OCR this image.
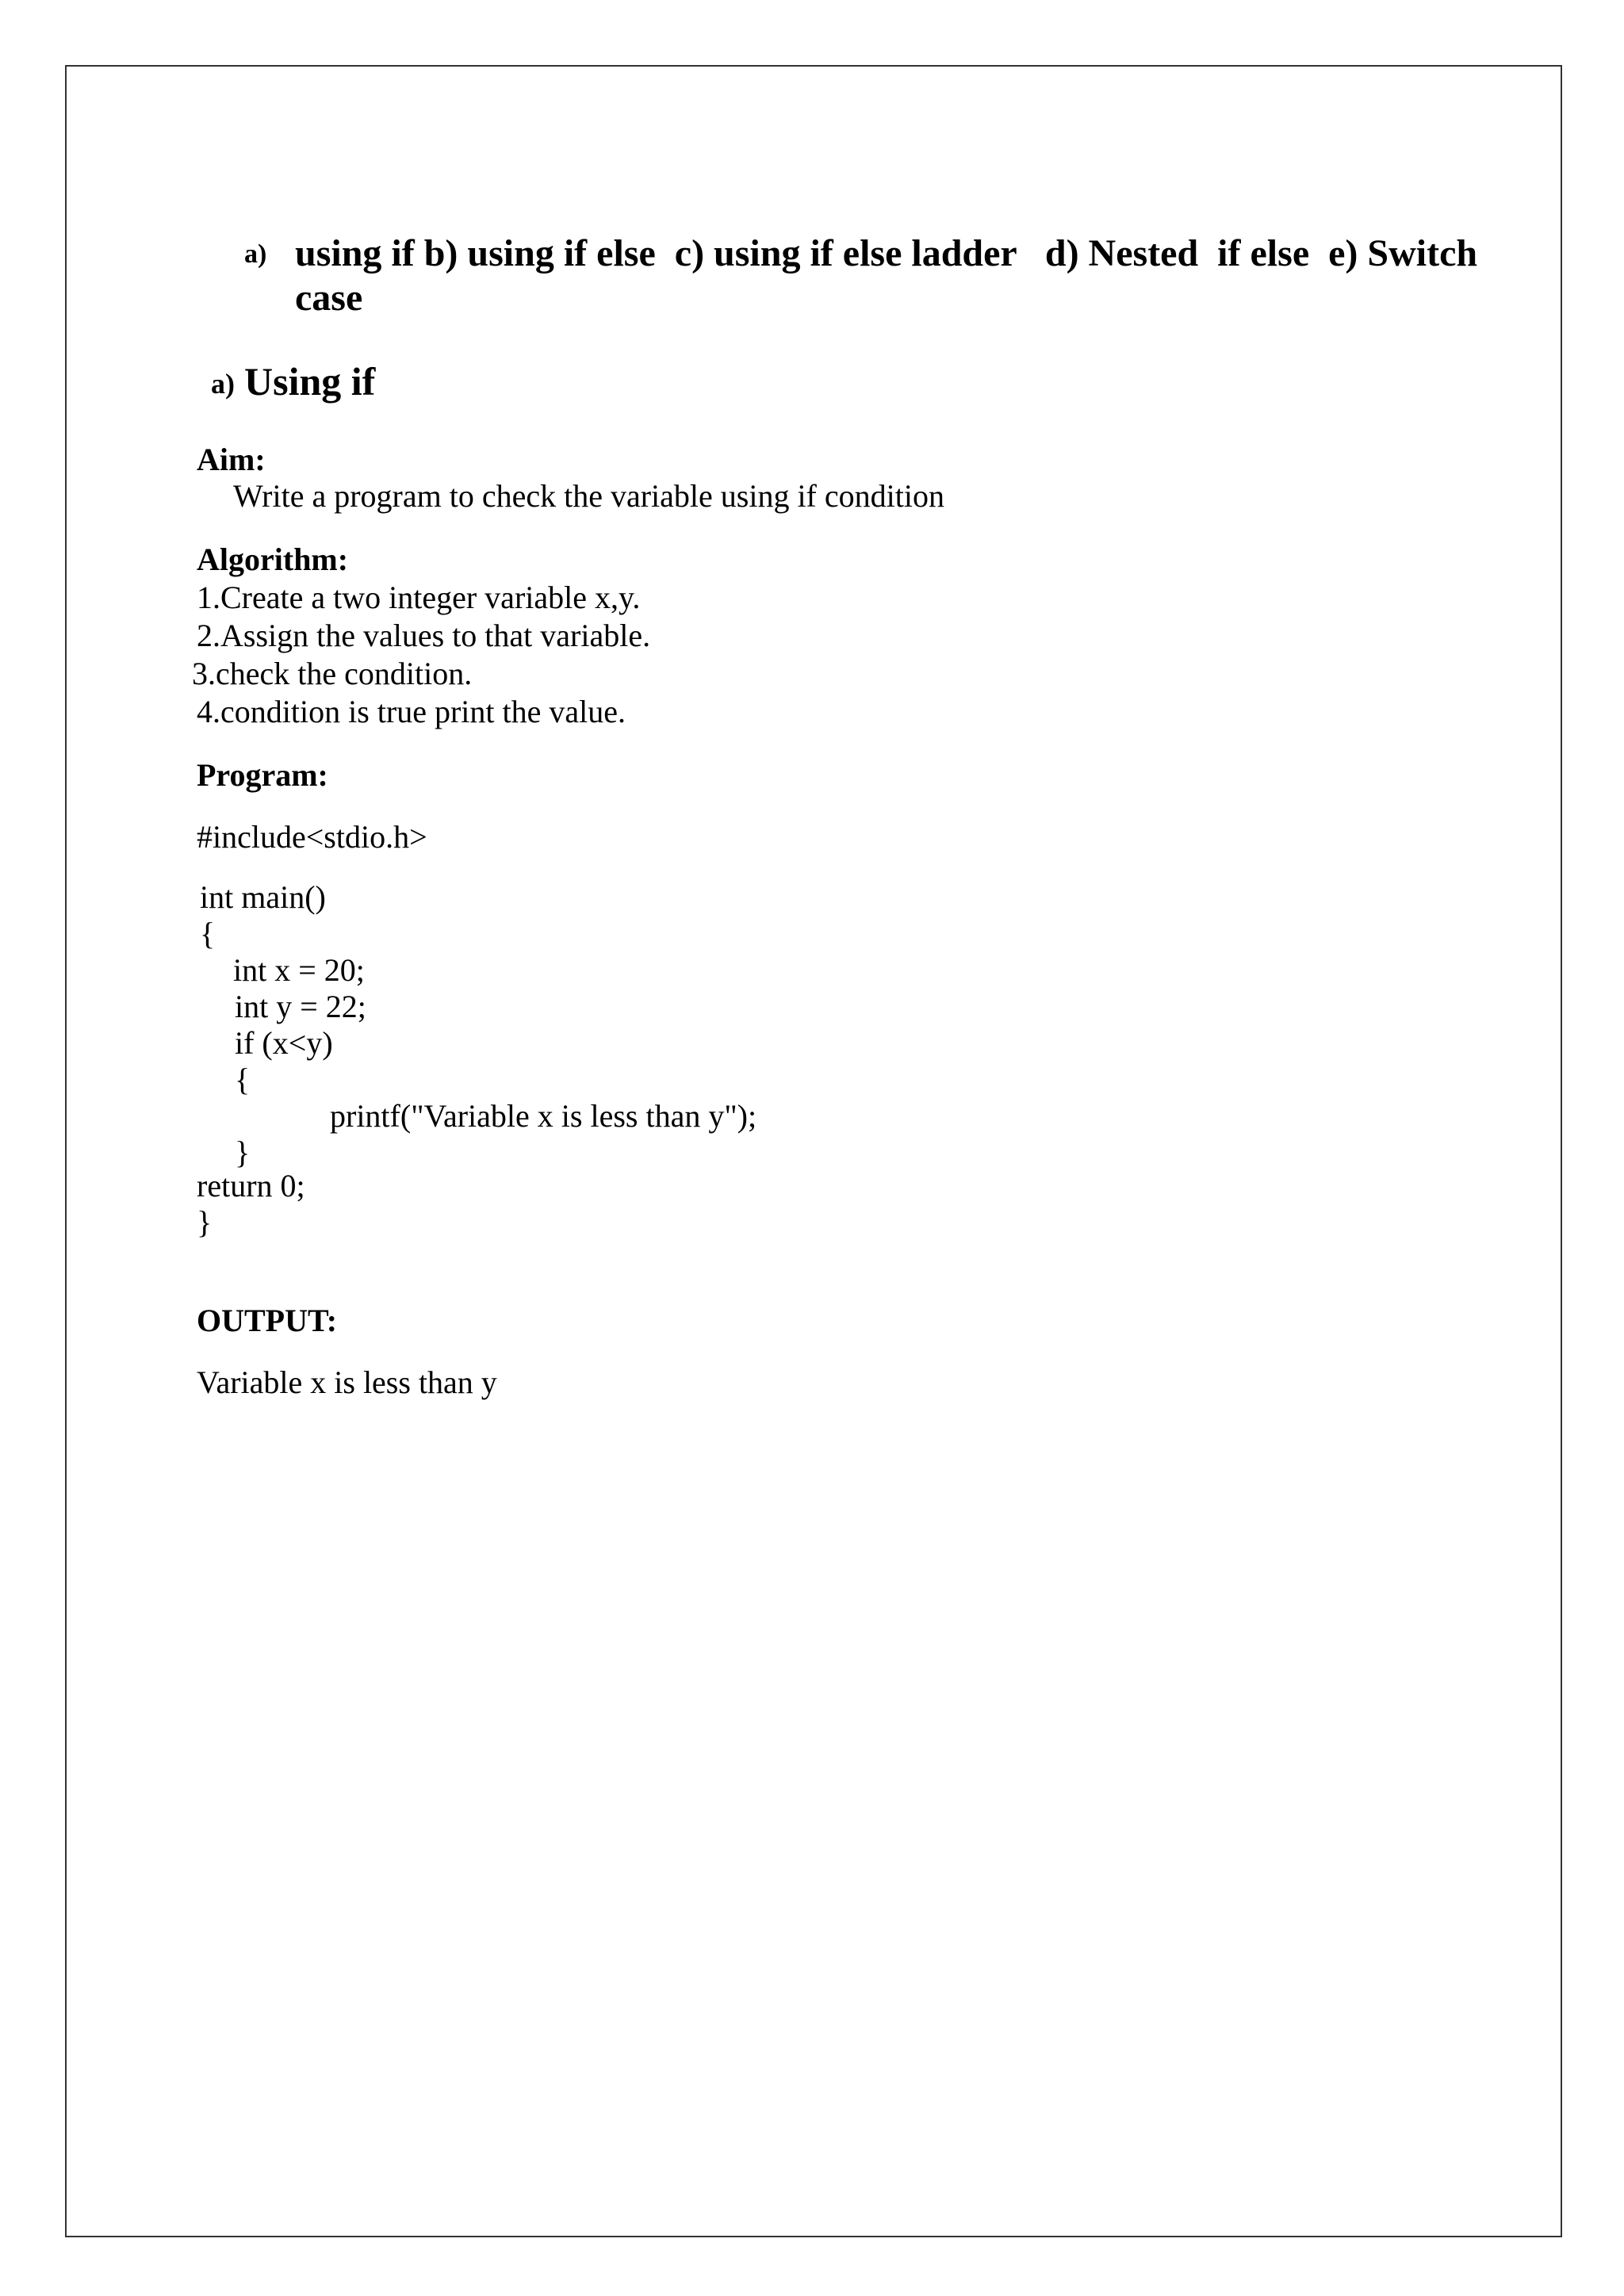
a) using if b) using if else  c) using if else ladder   d) Nested  if else  e) Switch
case
a) Using if
Aim:
Write a program to check the variable using if condition
Algorithm:
1.Create a two integer variable x,y.
2.Assign the values to that variable.
3.check the condition.
4.condition is true print the value.
Program:
#include<stdio.h>
int main()
{
int x = 20;
int y = 22;
if (x<y)
{
printf("Variable x is less than y");
}
return 0;
}
OUTPUT:
Variable x is less than y
